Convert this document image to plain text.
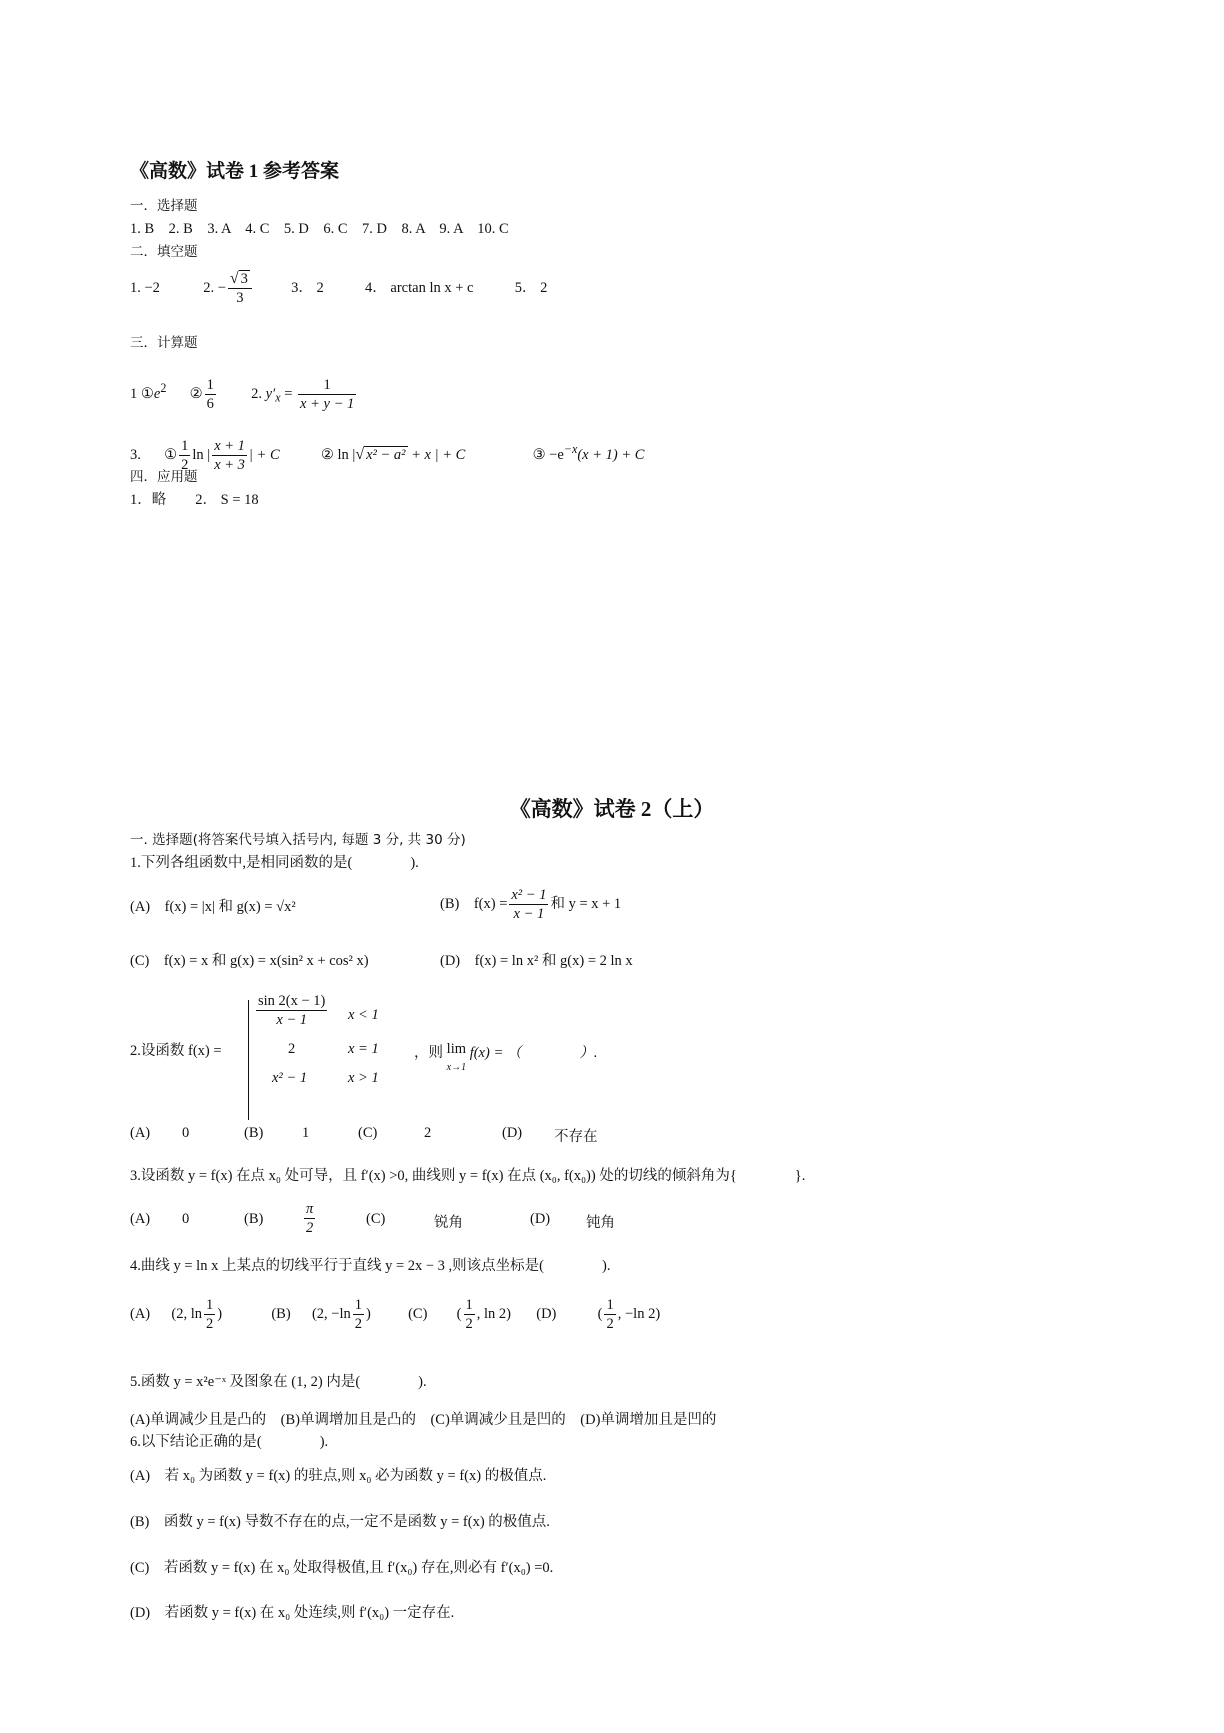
《高数》试卷 1 参考答案
一．选择题
1. B　2. B　3. A　4. C　5. D　6. C　7. D　8. A　9. A　10. C
二．填空题
1. −2	2. − $\frac{√ 3}{3}$	3． 2	4． arctan ln x + c	5． 2
三．计算题
1 $①e^2$ ② $\frac{1}{6} 2$. $y'_x = \frac{1}{x + y - 1}$
3. ① $\frac{1}{2}$ ln | $\frac{x + 1}{x + 3}$ | + C	② ln |√ x² − a² + x | + C	③ $-e^{-x}(x + 1) + C$
四．应用题
1．略　　2． S = 18
《高数》试卷 2（上）
一. 选择题(将答案代号填入括号内, 每题 3 分, 共 30 分)
1.下列各组函数中,是相同函数的是(　　　　).
(A)　f(x) = |x| 和 g(x) = √x²	(B)　$f(x) = \frac{\text{x² − 1}}{x - 1}$ 和 y = x + 1
(C)　f(x) = x 和 g(x) = x(sin² x + cos² x)	(D)　f(x) = ln x² 和 g(x) = 2 ln x
2.设函数 f(x) =
$\frac{\sin 2(x - 1)}{x - 1}$ x < 1
2	x = 1
x² − 1	x > 1
，则 lim
x→1 f(x) = （　　　　）.
(A) 0	(B)	1	(C)	2	(D) 不存在
3.设函数 y = f(x) 在点 x₀ 处可导，且 f′(x) >0, 曲线则 y = f(x) 在点 (x₀, f(x₀)) 处的切线的倾斜角为{　　　　}.
(A) 0	(B)	$\frac{\pi}{2}$	(C)	锐角	(D) 钝角
4.曲线 y = ln x 上某点的切线平行于直线 y = 2x − 3 ,则该点坐标是(　　　　).
(A) (2, $\ln \frac{1}{2}$ )	(B) (2, $-\ln \frac{1}{2}$ )	(C) ( $\frac{1}{2}$ , ln 2) (D)	( $\frac{1}{2}$ , −ln 2)
5.函数 y = x²e⁻ˣ 及图象在 (1, 2) 内是(　　　　).
(A)单调减少且是凸的　(B)单调增加且是凸的　(C)单调减少且是凹的　(D)单调增加且是凹的
6.以下结论正确的是(　　　　).
(A)　若 x₀ 为函数 y = f(x) 的驻点,则 x₀ 必为函数 y = f(x) 的极值点.
(B)　函数 y = f(x) 导数不存在的点,一定不是函数 y = f(x) 的极值点.
(C)　若函数 y = f(x) 在 x₀ 处取得极值,且 f′(x₀) 存在,则必有 f′(x₀) =0.
(D)　若函数 y = f(x) 在 x₀ 处连续,则 f′(x₀) 一定存在.
